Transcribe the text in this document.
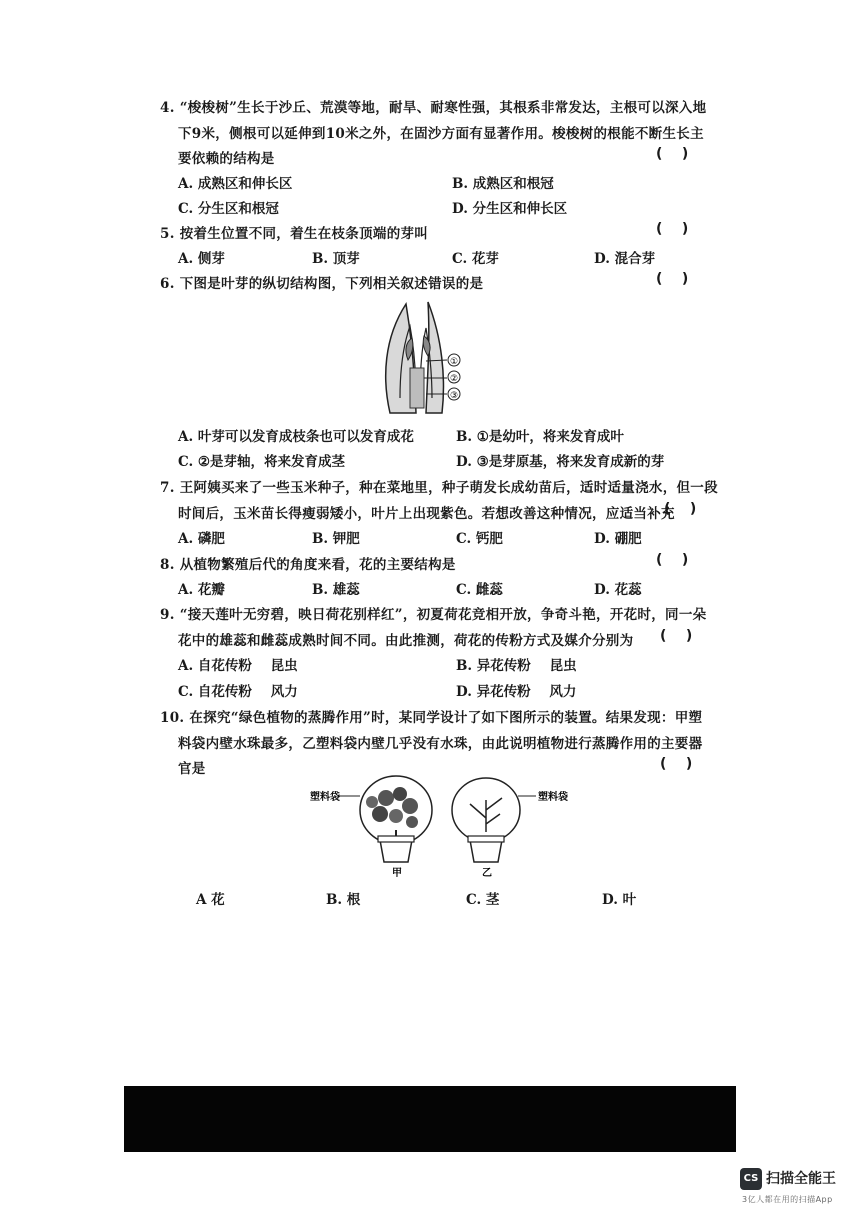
4. “梭梭树”生长于沙丘、荒漠等地，耐旱、耐寒性强，其根系非常发达，主根可以深入地
下9米，侧根可以延伸到10米之外，在固沙方面有显著作用。梭梭树的根能不断生长主
要依赖的结构是	(    )
A. 成熟区和伸长区	B. 成熟区和根冠
C. 分生区和根冠	D. 分生区和伸长区
5. 按着生位置不同，着生在枝条顶端的芽叫	(    )
A. 侧芽	B. 顶芽	C. 花芽	D. 混合芽
6. 下图是叶芽的纵切结构图，下列相关叙述错误的是	(    )
①
②
③
A. 叶芽可以发育成枝条也可以发育成花	B. ①是幼叶，将来发育成叶
C. ②是芽轴，将来发育成茎	D. ③是芽原基，将来发育成新的芽
7. 王阿姨买来了一些玉米种子，种在菜地里，种子萌发长成幼苗后，适时适量浇水，但一段
时间后，玉米苗长得瘦弱矮小，叶片上出现紫色。若想改善这种情况，应适当补充
(    )
A. 磷肥	B. 钾肥	C. 钙肥	D. 硼肥
8. 从植物繁殖后代的角度来看，花的主要结构是	(    )
A. 花瓣	B. 雄蕊	C. 雌蕊	D. 花蕊
9. “接天莲叶无穷碧，映日荷花别样红”，初夏荷花竞相开放，争奇斗艳，开花时，同一朵
花中的雄蕊和雌蕊成熟时间不同。由此推测，荷花的传粉方式及媒介分别为 (    )
A. 自花传粉    昆虫	B. 异花传粉    昆虫
C. 自花传粉    风力	D. 异花传粉    风力
10. 在探究“绿色植物的蒸腾作用”时，某同学设计了如下图所示的装置。结果发现：甲塑
料袋内壁水珠最多，乙塑料袋内壁几乎没有水珠，由此说明植物进行蒸腾作用的主要器
官是	(    )
塑料袋
甲
塑料袋
乙
A 花	B. 根	C. 茎	D. 叶
CS 扫描全能王
3亿人都在用的扫描App
